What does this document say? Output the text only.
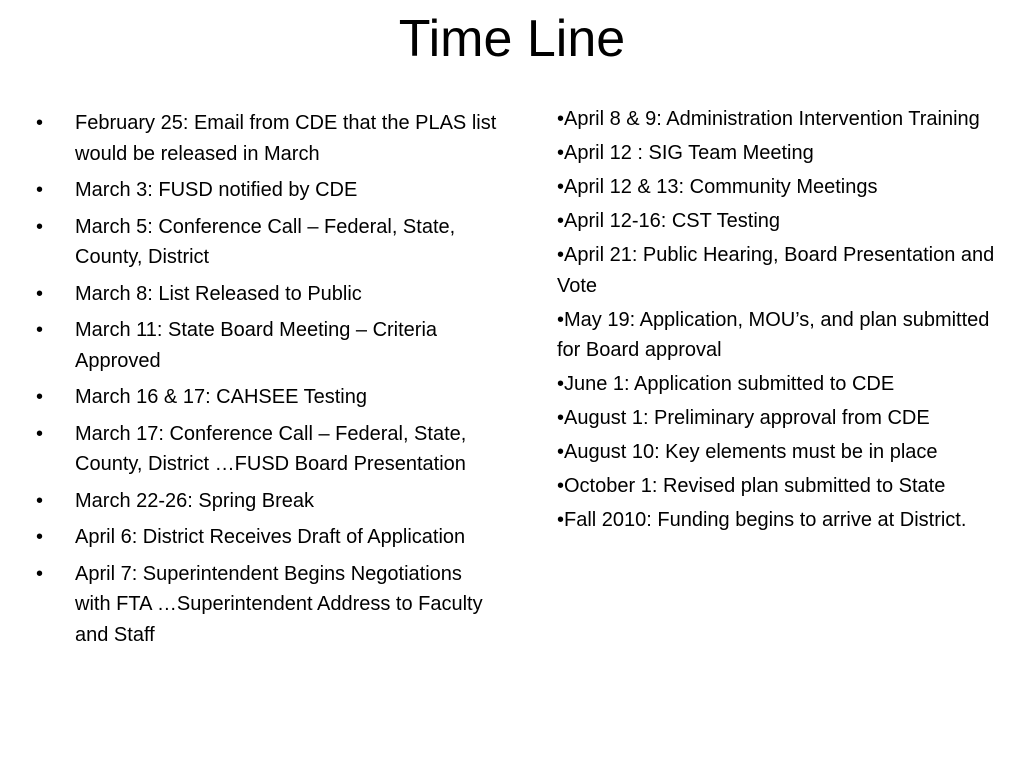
Time Line
• February 25: Email from CDE that the PLAS list would be released in March
• March 3: FUSD notified by CDE
• March 5: Conference Call – Federal, State, County, District
• March 8: List Released to Public
• March 11: State Board Meeting – Criteria Approved
• March 16 & 17: CAHSEE Testing
• March 17: Conference Call – Federal, State, County, District …FUSD Board Presentation
• March 22-26: Spring Break
• April 6: District Receives Draft of Application
• April 7: Superintendent Begins Negotiations with FTA …Superintendent Address to Faculty and Staff
•April 8 & 9: Administration Intervention Training
•April 12 : SIG Team Meeting
•April 12 & 13: Community Meetings
•April 12-16: CST Testing
•April 21: Public Hearing, Board Presentation and Vote
•May 19: Application, MOU’s, and plan submitted for Board approval
•June 1: Application submitted to CDE
•August 1: Preliminary approval from CDE
•August 10: Key elements must be in place
•October 1: Revised plan submitted to State
•Fall 2010: Funding begins to arrive at District.
